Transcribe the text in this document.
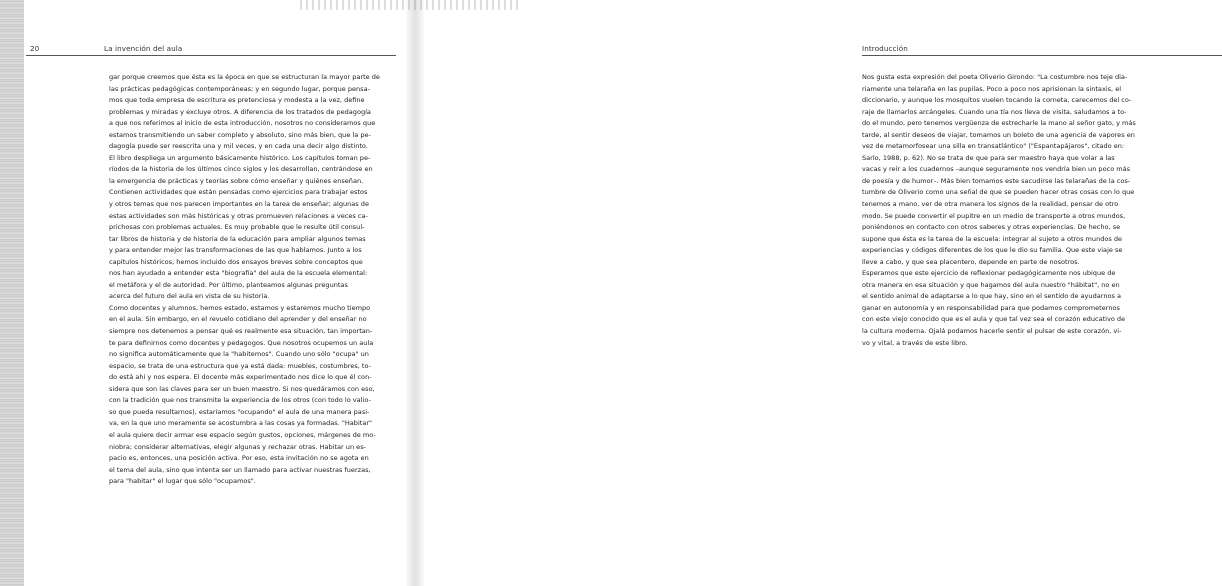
20	La invención del aula
gar porque creemos que ésta es la época en que se estructuran la mayor parte de
las prácticas pedagógicas contemporáneas; y en segundo lugar, porque pensa-
mos que toda empresa de escritura es pretenciosa y modesta a la vez, define
problemas y miradas y excluye otros. A diferencia de los tratados de pedagogía
a que nos referimos al inicio de esta introducción, nosotros no consideramos que
estamos transmitiendo un saber completo y absoluto, sino más bien, que la pe-
dagogía puede ser reescrita una y mil veces, y en cada una decir algo distinto.
El libro despliega un argumento básicamente histórico. Los capítulos toman pe-
ríodos de la historia de los últimos cinco siglos y los desarrollan, centrándose en
la emergencia de prácticas y teorías sobre cómo enseñar y quiénes enseñan.
Contienen actividades que están pensadas como ejercicios para trabajar estos
y otros temas que nos parecen importantes en la tarea de enseñar; algunas de
estas actividades son más históricas y otras promueven relaciones a veces ca-
prichosas con problemas actuales. Es muy probable que le resulte útil consul-
tar libros de historia y de historia de la educación para ampliar algunos temas
y para entender mejor las transformaciones de las que hablamos. Junto a los
capítulos históricos, hemos incluido dos ensayos breves sobre conceptos que
nos han ayudado a entender esta "biografía" del aula de la escuela elemental:
el metáfora y el de autoridad. Por último, planteamos algunas preguntas
acerca del futuro del aula en vista de su historia.
Como docentes y alumnos, hemos estado, estamos y estaremos mucho tiempo
en el aula. Sin embargo, en el revuelo cotidiano del aprender y del enseñar no
siempre nos detenemos a pensar qué es realmente esa situación, tan importan-
te para definirnos como docentes y pedagogos. Que nosotros ocupemos un aula
no significa automáticamente que la "habitemos". Cuando uno sólo "ocupa" un
espacio, se trata de una estructura que ya está dada: muebles, costumbres, to-
do está ahí y nos espera. El docente más experimentado nos dice lo que él con-
sidera que son las claves para ser un buen maestro. Si nos quedáramos con eso,
con la tradición que nos transmite la experiencia de los otros (con todo lo valio-
so que pueda resultarnos), estaríamos "ocupando" el aula de una manera pasi-
va, en la que uno meramente se acostumbra a las cosas ya formadas. "Habitar"
el aula quiere decir armar ese espacio según gustos, opciones, márgenes de mo-
niobra; considerar alternativas, elegir algunas y rechazar otras. Habitar un es-
pacio es, entonces, una posición activa. Por eso, esta invitación no se agota en
el tema del aula, sino que intenta ser un llamado para activar nuestras fuerzas,
para "habitar" el lugar que sólo "ocupamos".
Introducción
Nos gusta esta expresión del poeta Oliverio Girondo: "La costumbre nos teje dia-
riamente una telaraña en las pupilas. Poco a poco nos aprisionan la sintaxis, el
diccionario, y aunque los mosquitos vuelen tocando la corneta, carecemos del co-
raje de llamarlos arcángeles. Cuando una tía nos lleva de visita, saludamos a to-
do el mundo, pero tenemos vergüenza de estrecharle la mano al señor gato, y más
tarde, al sentir deseos de viajar, tomamos un boleto de una agencia de vapores en
vez de metamorfosear una silla en transatlántico" ("Espantapájaros", citado en:
Sarlo, 1988, p. 62). No se trata de que para ser maestro haya que volar a las
vacas y reír a los cuadernos –aunque seguramente nos vendría bien un poco más
de poesía y de humor–. Más bien tomamos este sacudirse las telarañas de la cos-
tumbre de Oliverio como una señal de que se pueden hacer otras cosas con lo que
tenemos a mano, ver de otra manera los signos de la realidad, pensar de otro
modo. Se puede convertir el pupitre en un medio de transporte a otros mundos,
poniéndonos en contacto con otros saberes y otras experiencias. De hecho, se
supone que ésta es la tarea de la escuela: integrar al sujeto a otros mundos de
experiencias y códigos diferentes de los que le dio su familia. Que este viaje se
lleve a cabo, y que sea placentero, depende en parte de nosotros.
Esperamos que este ejercicio de reflexionar pedagógicamente nos ubique de
otra manera en esa situación y que hagamos del aula nuestro "hábitat", no en
el sentido animal de adaptarse a lo que hay, sino en el sentido de ayudarnos a
ganar en autonomía y en responsabilidad para que podamos comprometernos
con este viejo conocido que es el aula y que tal vez sea el corazón educativo de
la cultura moderna. Ojalá podamos hacerle sentir el pulsar de este corazón, vi-
vo y vital, a través de este libro.
